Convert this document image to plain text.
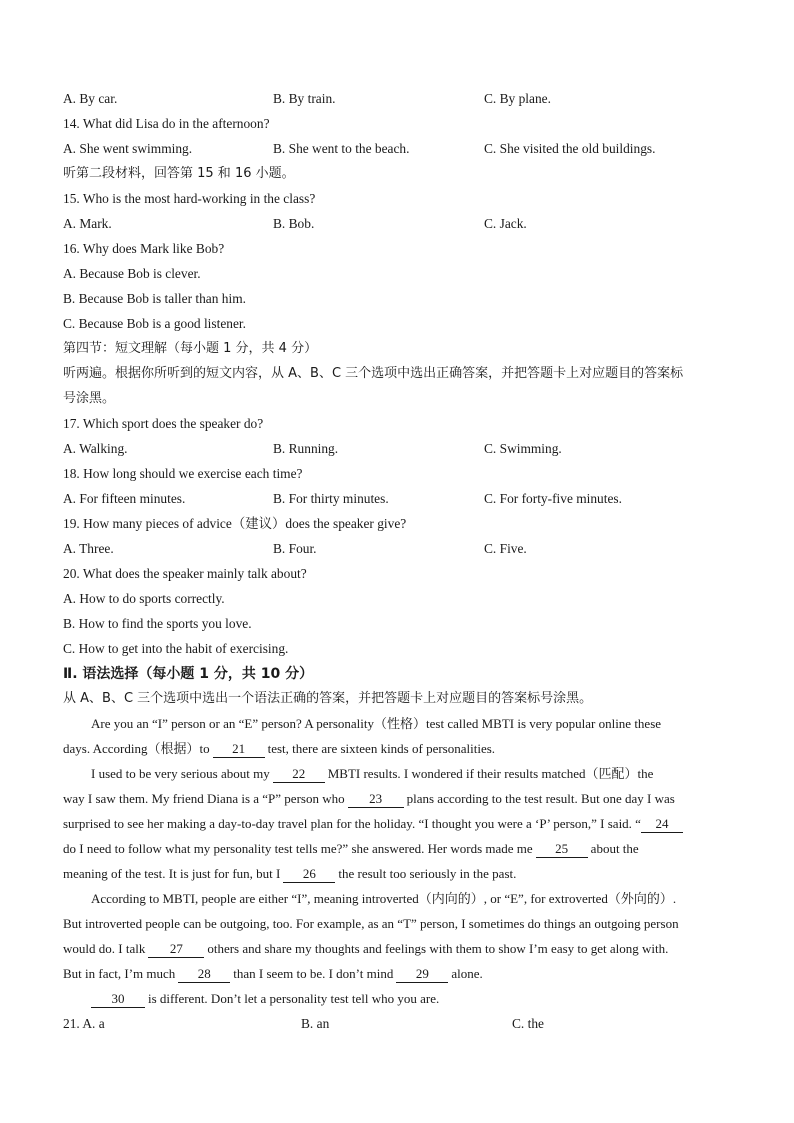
A. By car.	B. By train.	C. By plane.
14. What did Lisa do in the afternoon?
A. She went swimming.	B. She went to the beach.	C. She visited the old buildings.
听第二段材料，回答第 15 和 16 小题。
15. Who is the most hard-working in the class?
A. Mark.	B. Bob.	C. Jack.
16. Why does Mark like Bob?
A. Because Bob is clever.
B. Because Bob is taller than him.
C. Because Bob is a good listener.
第四节：短文理解（每小题 1 分，共 4 分）
听两遍。根据你所听到的短文内容，从 A、B、C 三个选项中选出正确答案，并把答题卡上对应题目的答案标
号涂黑。
17. Which sport does the speaker do?
A. Walking.	B. Running.	C. Swimming.
18. How long should we exercise each time?
A. For fifteen minutes.	B. For thirty minutes.	C. For forty-five minutes.
19. How many pieces of advice（建议）does the speaker give?
A. Three.	B. Four.	C. Five.
20. What does the speaker mainly talk about?
A. How to do sports correctly.
B. How to find the sports you love.
C. How to get into the habit of exercising.
Ⅱ. 语法选择（每小题 1 分，共 10 分）
从 A、B、C 三个选项中选出一个语法正确的答案，并把答题卡上对应题目的答案标号涂黑。
Are you an “I” person or an “E” person? A personality（性格）test called MBTI is very popular online these
days. According（根据）to 21 test, there are sixteen kinds of personalities.
I used to be very serious about my 22 MBTI results. I wondered if their results matched（匹配）the
way I saw them. My friend Diana is a “P” person who 23 plans according to the test result. But one day I was
surprised to see her making a day-to-day travel plan for the holiday. “I thought you were a ‘P’ person,” I said. “ 24
do I need to follow what my personality test tells me?” she answered. Her words made me 25 about the
meaning of the test. It is just for fun, but I 26 the result too seriously in the past.
According to MBTI, people are either “I”, meaning introverted（内向的）, or “E”, for extroverted（外向的）.
But introverted people can be outgoing, too. For example, as an “T” person, I sometimes do things an outgoing person
would do. I talk 27 others and share my thoughts and feelings with them to show I’m easy to get along with.
But in fact, I’m much 28 than I seem to be. I don’t mind 29 alone.
30 is different. Don’t let a personality test tell who you are.
21. A. a	B. an	C. the
